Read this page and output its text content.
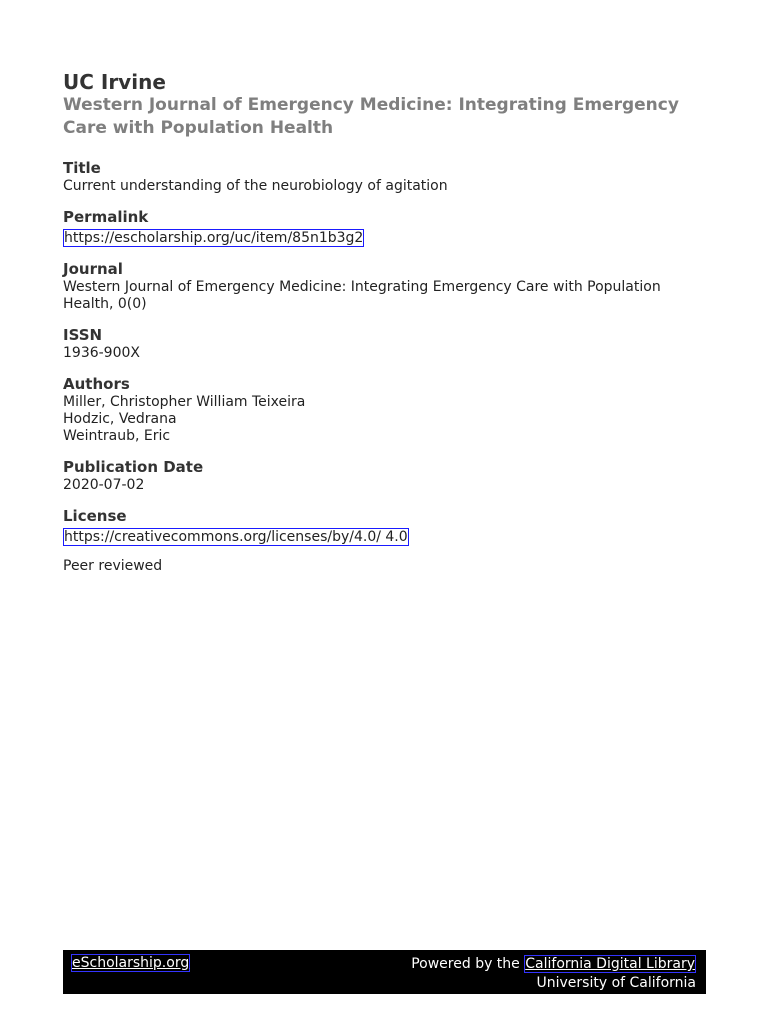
UC Irvine
Western Journal of Emergency Medicine: Integrating Emergency Care with Population Health
Title
Current understanding of the neurobiology of agitation
Permalink
https://escholarship.org/uc/item/85n1b3g2
Journal
Western Journal of Emergency Medicine: Integrating Emergency Care with Population Health, 0(0)
ISSN
1936-900X
Authors
Miller, Christopher William Teixeira
Hodzic, Vedrana
Weintraub, Eric
Publication Date
2020-07-02
License
https://creativecommons.org/licenses/by/4.0/ 4.0
Peer reviewed
eScholarship.org	Powered by the California Digital Library
University of California
